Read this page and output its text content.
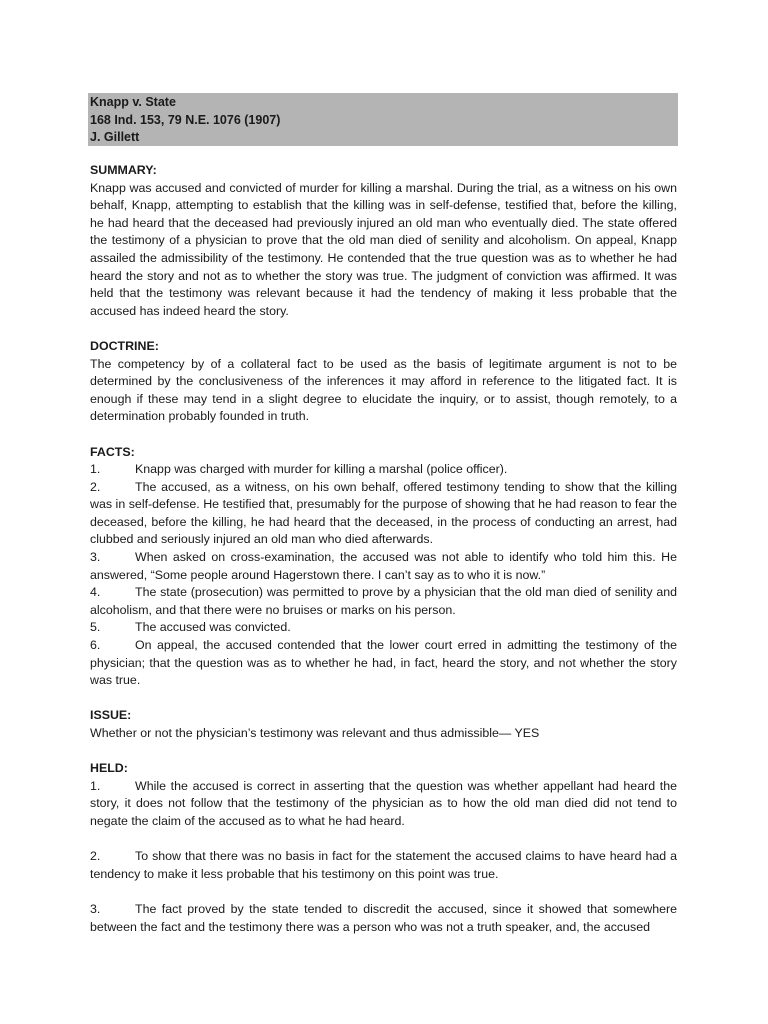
Knapp v. State
168 Ind. 153, 79 N.E. 1076 (1907)
J. Gillett
SUMMARY:

Knapp was accused and convicted of murder for killing a marshal. During the trial, as a witness on his own behalf, Knapp, attempting to establish that the killing was in self-defense, testified that, before the killing, he had heard that the deceased had previously injured an old man who eventually died. The state offered the testimony of a physician to prove that the old man died of senility and alcoholism. On appeal, Knapp assailed the admissibility of the testimony. He contended that the true question was as to whether he had heard the story and not as to whether the story was true. The judgment of conviction was affirmed. It was held that the testimony was relevant because it had the tendency of making it less probable that the accused has indeed heard the story.

DOCTRINE:

The competency by of a collateral fact to be used as the basis of legitimate argument is not to be determined by the conclusiveness of the inferences it may afford in reference to the litigated fact. It is enough if these may tend in a slight degree to elucidate the inquiry, or to assist, though remotely, to a determination probably founded in truth.

FACTS:

1.	Knapp was charged with murder for killing a marshal (police officer).

2.	The accused, as a witness, on his own behalf, offered testimony tending to show that the killing was in self-defense. He testified that, presumably for the purpose of showing that he had reason to fear the deceased, before the killing, he had heard that the deceased, in the process of conducting an arrest, had clubbed and seriously injured an old man who died afterwards.

3.	When asked on cross-examination, the accused was not able to identify who told him this. He answered, “Some people around Hagerstown there. I can’t say as to who it is now.”

4.	The state (prosecution) was permitted to prove by a physician that the old man died of senility and alcoholism, and that there were no bruises or marks on his person.

5.	The accused was convicted.

6.	On appeal, the accused contended that the lower court erred in admitting the testimony of the physician; that the question was as to whether he had, in fact, heard the story, and not whether the story was true.

ISSUE:

Whether or not the physician’s testimony was relevant and thus admissible— YES

HELD:

1.	While the accused is correct in asserting that the question was whether appellant had heard the story, it does not follow that the testimony of the physician as to how the old man died did not tend to negate the claim of the accused as to what he had heard.

2.	To show that there was no basis in fact for the statement the accused claims to have heard had a tendency to make it less probable that his testimony on this point was true.

3.	The fact proved by the state tended to discredit the accused, since it showed that somewhere between the fact and the testimony there was a person who was not a truth speaker, and, the accused
